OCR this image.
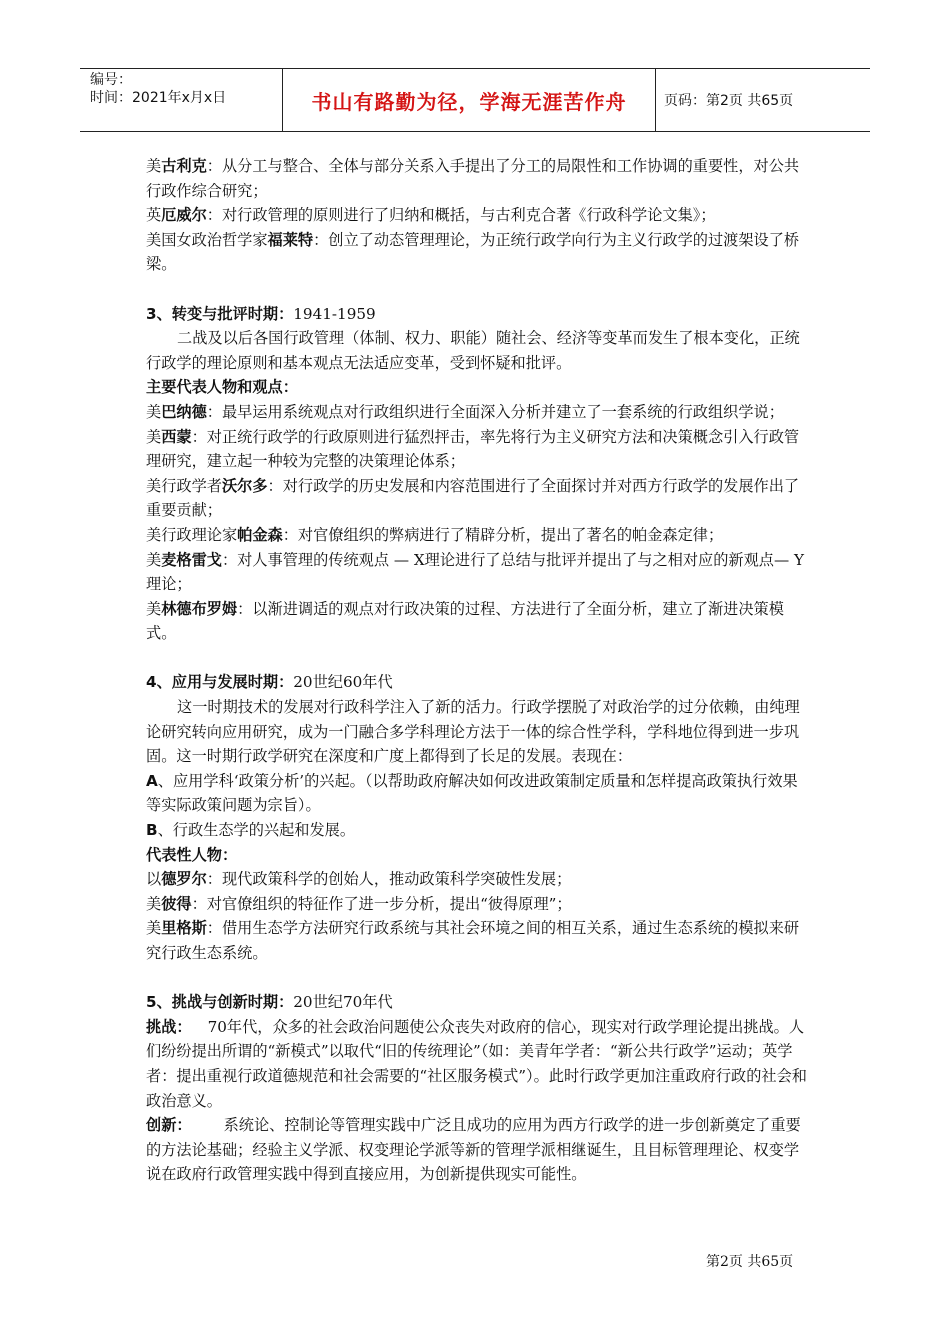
编号：
时间：2021年x月x日	书山有路勤为径，学海无涯苦作舟	页码：第2页 共65页

美古利克：从分工与整合、全体与部分关系入手提出了分工的局限性和工作协调的重要性，对公共行政作综合研究；

英厄威尔：对行政管理的原则进行了归纳和概括，与古利克合著《行政科学论文集》；

美国女政治哲学家福莱特：创立了动态管理理论，为正统行政学向行为主义行政学的过渡架设了桥梁。

3、转变与批评时期：1941-1959

二战及以后各国行政管理（体制、权力、职能）随社会、经济等变革而发生了根本变化，正统行政学的理论原则和基本观点无法适应变革，受到怀疑和批评。

主要代表人物和观点：

美巴纳德：最早运用系统观点对行政组织进行全面深入分析并建立了一套系统的行政组织学说；

美西蒙：对正统行政学的行政原则进行猛烈抨击，率先将行为主义研究方法和决策概念引入行政管理研究，建立起一种较为完整的决策理论体系；

美行政学者沃尔多：对行政学的历史发展和内容范围进行了全面探讨并对西方行政学的发展作出了重要贡献；

美行政理论家帕金森：对官僚组织的弊病进行了精辟分析，提出了著名的帕金森定律；

美麦格雷戈：对人事管理的传统观点 — X理论进行了总结与批评并提出了与之相对应的新观点— Y理论；

美林德布罗姆：以渐进调适的观点对行政决策的过程、方法进行了全面分析，建立了渐进决策模式。

4、应用与发展时期：20世纪60年代

这一时期技术的发展对行政科学注入了新的活力。行政学摆脱了对政治学的过分依赖，由纯理论研究转向应用研究，成为一门融合多学科理论方法于一体的综合性学科，学科地位得到进一步巩固。这一时期行政学研究在深度和广度上都得到了长足的发展。表现在：

A、应用学科‘政策分析’的兴起。（以帮助政府解决如何改进政策制定质量和怎样提高政策执行效果等实际政策问题为宗旨）。

B、行政生态学的兴起和发展。

代表性人物：

以德罗尔：现代政策科学的创始人，推动政策科学突破性发展；

美彼得：对官僚组织的特征作了进一步分析，提出“彼得原理”；

美里格斯：借用生态学方法研究行政系统与其社会环境之间的相互关系，通过生态系统的模拟来研究行政生态系统。

5、挑战与创新时期：20世纪70年代

挑战： 70年代，众多的社会政治问题使公众丧失对政府的信心，现实对行政学理论提出挑战。人们纷纷提出所谓的“新模式”以取代“旧的传统理论”（如：美青年学者：“新公共行政学”运动；英学者：提出重视行政道德规范和社会需要的“社区服务模式”）。此时行政学更加注重政府行政的社会和政治意义。

创新： 系统论、控制论等管理实践中广泛且成功的应用为西方行政学的进一步创新奠定了重要的方法论基础；经验主义学派、权变理论学派等新的管理学派相继诞生，且目标管理理论、权变学说在政府行政管理实践中得到直接应用，为创新提供现实可能性。

第2页 共65页
